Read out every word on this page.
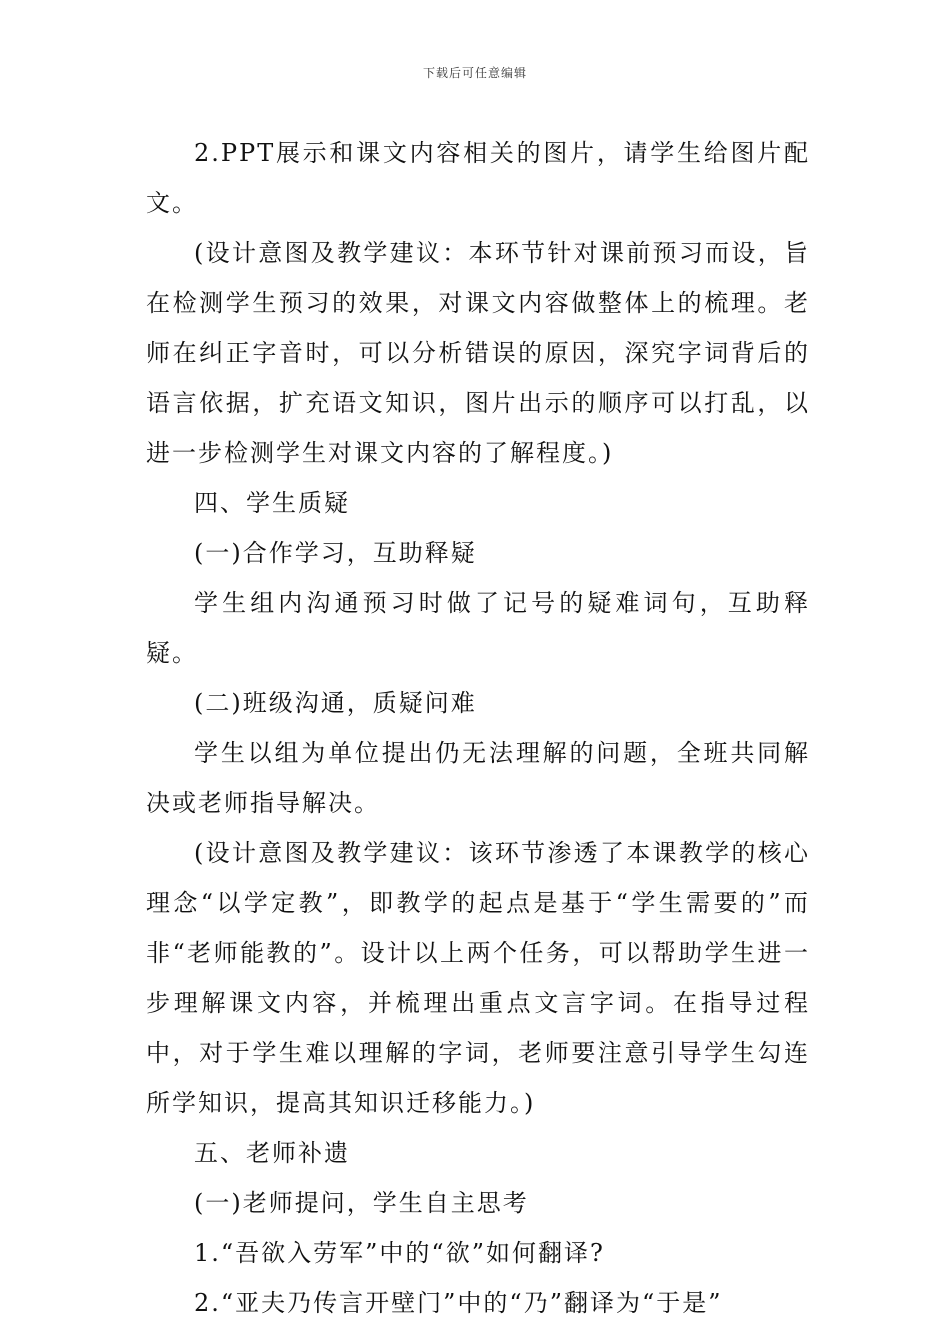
下载后可任意编辑

2.PPT展示和课文内容相关的图片，请学生给图片配文。

(设计意图及教学建议：本环节针对课前预习而设，旨在检测学生预习的效果，对课文内容做整体上的梳理。老师在纠正字音时，可以分析错误的原因，深究字词背后的语言依据，扩充语文知识，图片出示的顺序可以打乱，以进一步检测学生对课文内容的了解程度。)

四、学生质疑

(一)合作学习，互助释疑

学生组内沟通预习时做了记号的疑难词句，互助释疑。

(二)班级沟通，质疑问难

学生以组为单位提出仍无法理解的问题，全班共同解决或老师指导解决。

(设计意图及教学建议：该环节渗透了本课教学的核心理念“以学定教”，即教学的起点是基于“学生需要的”而非“老师能教的”。设计以上两个任务，可以帮助学生进一步理解课文内容，并梳理出重点文言字词。在指导过程中，对于学生难以理解的字词，老师要注意引导学生勾连所学知识，提高其知识迁移能力。)

五、老师补遗

(一)老师提问，学生自主思考

1.“吾欲入劳军”中的“欲”如何翻译?

2.“亚夫乃传言开壁门”中的“乃”翻译为“于是”
